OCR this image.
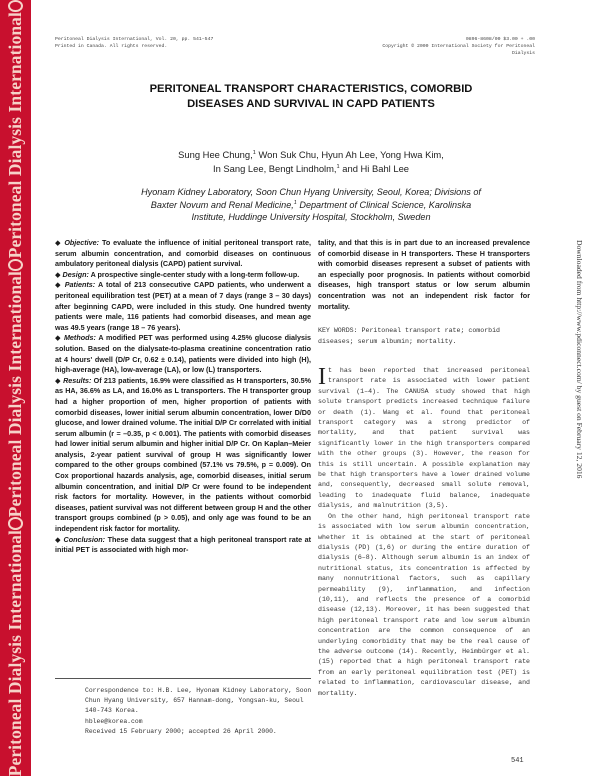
Peritoneal Dialysis International
Peritoneal Dialysis International
Peritoneal Dialysis International
Downloaded from http://www.pdiconnect.com/ by guest on February 12, 2016
Peritoneal Dialysis International, Vol. 20, pp. 541–547
Printed in Canada. All rights reserved.
0896-8608/00 $3.00 + .00
Copyright © 2000 International Society for Peritoneal Dialysis
PERITONEAL TRANSPORT CHARACTERISTICS, COMORBID
DISEASES AND SURVIVAL IN CAPD PATIENTS
Sung Hee Chung,$^1$ Won Suk Chu, Hyun Ah Lee, Yong Hwa Kim,
In Sang Lee, Bengt Lindholm,$^1$ and Hi Bahl Lee
Hyonam Kidney Laboratory, Soon Chun Hyang University, Seoul, Korea; Divisions of
Baxter Novum and Renal Medicine,$^1$ Department of Clinical Science, Karolinska
Institute, Huddinge University Hospital, Stockholm, Sweden

◆ Objective: To evaluate the influence of initial peritoneal transport rate, serum albumin concentration, and comorbid diseases on continuous ambulatory peritoneal dialysis (CAPD) patient survival.

◆ Design: A prospective single-center study with a long-term follow-up.

◆ Patients: A total of 213 consecutive CAPD patients, who underwent a peritoneal equilibration test (PET) at a mean of 7 days (range 3 – 30 days) after beginning CAPD, were included in this study. One hundred twenty patients were male, 116 patients had comorbid diseases, and mean age was 49.5 years (range 18 – 76 years).

◆ Methods: A modified PET was performed using 4.25% glucose dialysis solution. Based on the dialysate-to-plasma creatinine concentration ratio at 4 hours' dwell (D/P Cr, 0.62 ± 0.14), patients were divided into high (H), high-average (HA), low-average (LA), or low (L) transporters.

◆ Results: Of 213 patients, 16.9% were classified as H transporters, 30.5% as HA, 36.6% as LA, and 16.0% as L transporters. The H transporter group had a higher proportion of men, higher proportion of patients with comorbid diseases, lower initial serum albumin concentration, lower D/D0 glucose, and lower drained volume. The initial D/P Cr correlated with initial serum albumin (r = –0.35, p < 0.001). The patients with comorbid diseases had lower initial serum albumin and higher initial D/P Cr. On Kaplan–Meier analysis, 2-year patient survival of group H was significantly lower compared to the other groups combined (57.1% vs 79.5%, p = 0.009). On Cox proportional hazards analysis, age, comorbid diseases, initial serum albumin concentration, and initial D/P Cr were found to be independent risk factors for mortality. However, in the patients without comorbid diseases, patient survival was not different between group H and the other transport groups combined (p > 0.05), and only age was found to be an independent risk factor for mortality.

◆ Conclusion: These data suggest that a high peritoneal transport rate at initial PET is associated with high mor-

tality, and that this is in part due to an increased prevalence of comorbid disease in H transporters. These H transporters with comorbid diseases represent a subset of patients with an especially poor prognosis. In patients without comorbid diseases, high transport status or low serum albumin concentration was not an independent risk factor for mortality.

KEY WORDS: Peritoneal transport rate; comorbid diseases; serum albumin; mortality.

It has been reported that increased peritoneal transport rate is associated with lower patient survival (1–4). The CANUSA study showed that high solute transport predicts increased technique failure or death (1). Wang et al. found that peritoneal transport category was a strong predictor of mortality, and that patient survival was significantly lower in the high transporters compared with the other groups (3). However, the reason for this is still uncertain. A possible explanation may be that high transporters have a lower drained volume and, consequently, decreased small solute removal, leading to inadequate fluid balance, inadequate dialysis, and malnutrition (3,5).

On the other hand, high peritoneal transport rate is associated with low serum albumin concentration, whether it is obtained at the start of peritoneal dialysis (PD) (1,6) or during the entire duration of dialysis (6–8). Although serum albumin is an index of nutritional status, its concentration is affected by many nonnutritional factors, such as capillary permeability (9), inflammation, and infection (10,11), and reflects the presence of a comorbid disease (12,13). Moreover, it has been suggested that high peritoneal transport rate and low serum albumin concentration are the common consequence of an underlying comorbidity that may be the real cause of the adverse outcome (14). Recently, Heimbürger et al. (15) reported that a high peritoneal transport rate from an early peritoneal equilibration test (PET) is related to inflammation, cardiovascular disease, and mortality.

Correspondence to: H.B. Lee, Hyonam Kidney Laboratory, Soon Chun Hyang University, 657 Hannam-dong, Yongsan-ku, Seoul 140-743 Korea.
hblee@korea.com
Received 15 February 2000; accepted 26 April 2000.
541
